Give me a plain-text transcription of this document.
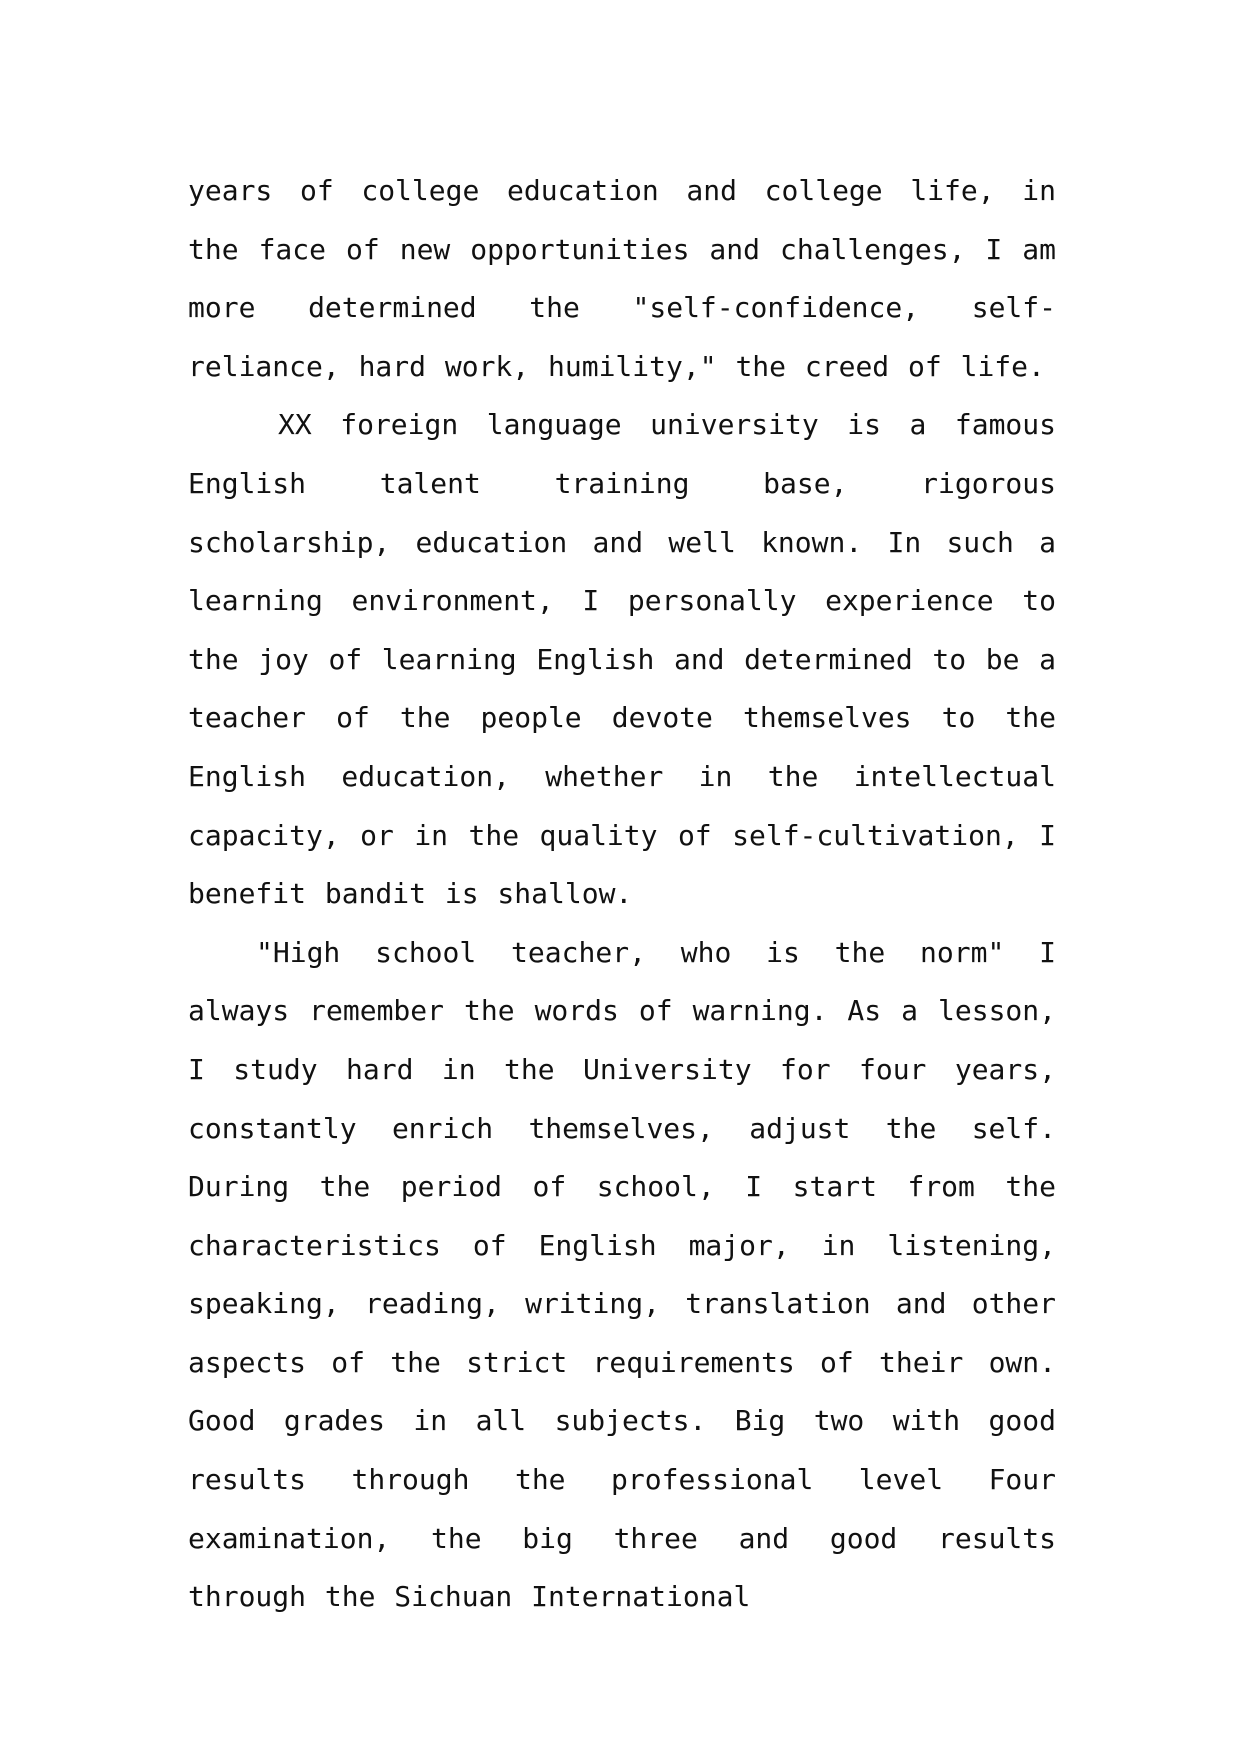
years of college education and college life, in the face of new opportunities and challenges, I am more determined the "self-confidence, self-reliance, hard work, humility," the creed of life.

XX foreign language university is a famous English talent training base, rigorous scholarship, education and well known. In such a learning environment, I personally experience to the joy of learning English and determined to be a teacher of the people devote themselves to the English education, whether in the intellectual capacity, or in the quality of self-cultivation, I benefit bandit is shallow.

"High school teacher, who is the norm" I always remember the words of warning. As a lesson, I study hard in the University for four years, constantly enrich themselves, adjust the self. During the period of school, I start from the characteristics of English major, in listening, speaking, reading, writing, translation and other aspects of the strict requirements of their own. Good grades in all subjects. Big two with good results through the professional level Four examination, the big three and good results through the Sichuan International
